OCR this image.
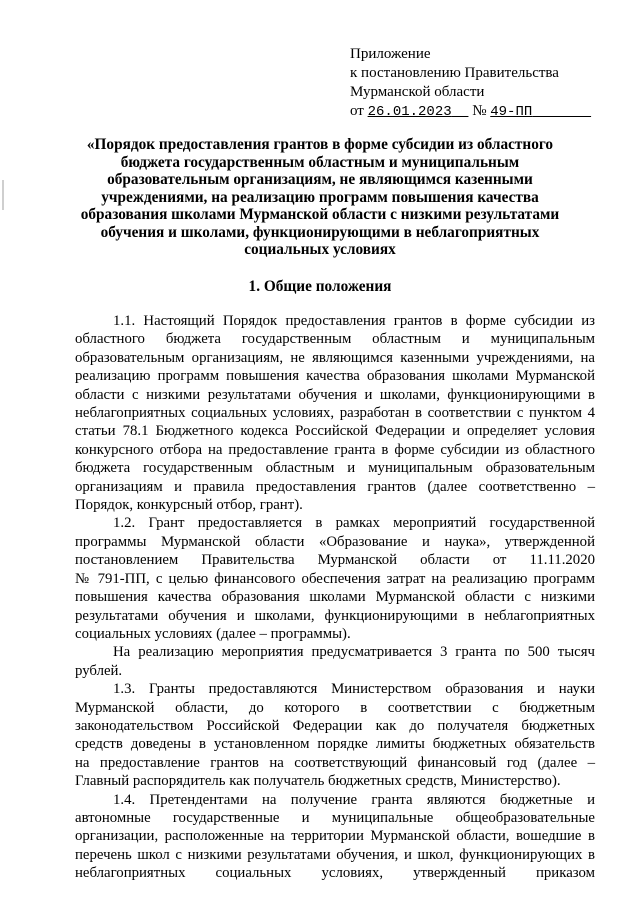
Приложение
к постановлению Правительства
Мурманской области
от 26.01.2023 № 49-ПП
«Порядок предоставления грантов в форме субсидии из областного
бюджета государственным областным и муниципальным
образовательным организациям, не являющимся казенными
учреждениями, на реализацию программ повышения качества
образования школами Мурманской области с низкими результатами
обучения и школами, функционирующими в неблагоприятных
социальных условиях
1. Общие положения
1.1. Настоящий Порядок предоставления грантов в форме субсидии из
областного бюджета государственным областным и муниципальным
образовательным организациям, не являющимся казенными учреждениями, на
реализацию программ повышения качества образования школами Мурманской
области с низкими результатами обучения и школами, функционирующими в
неблагоприятных социальных условиях, разработан в соответствии с пунктом 4
статьи 78.1 Бюджетного кодекса Российской Федерации и определяет условия
конкурсного отбора на предоставление гранта в форме субсидии из областного
бюджета государственным областным и муниципальным образовательным
организациям и правила предоставления грантов (далее соответственно –
Порядок, конкурсный отбор, грант).
1.2. Грант предоставляется в рамках мероприятий государственной
программы Мурманской области «Образование и наука», утвержденной
постановлением Правительства Мурманской области от 11.11.2020
№ 791-ПП, с целью финансового обеспечения затрат на реализацию программ
повышения качества образования школами Мурманской области с низкими
результатами обучения и школами, функционирующими в неблагоприятных
социальных условиях (далее – программы).
На реализацию мероприятия предусматривается 3 гранта по 500 тысяч
рублей.
1.3. Гранты предоставляются Министерством образования и науки
Мурманской области, до которого в соответствии с бюджетным
законодательством Российской Федерации как до получателя бюджетных
средств доведены в установленном порядке лимиты бюджетных обязательств
на предоставление грантов на соответствующий финансовый год (далее –
Главный распорядитель как получатель бюджетных средств, Министерство).
1.4. Претендентами на получение гранта являются бюджетные и
автономные государственные и муниципальные общеобразовательные
организации, расположенные на территории Мурманской области, вошедшие в
перечень школ с низкими результатами обучения, и школ, функционирующих в
неблагоприятных социальных условиях, утвержденный приказом
